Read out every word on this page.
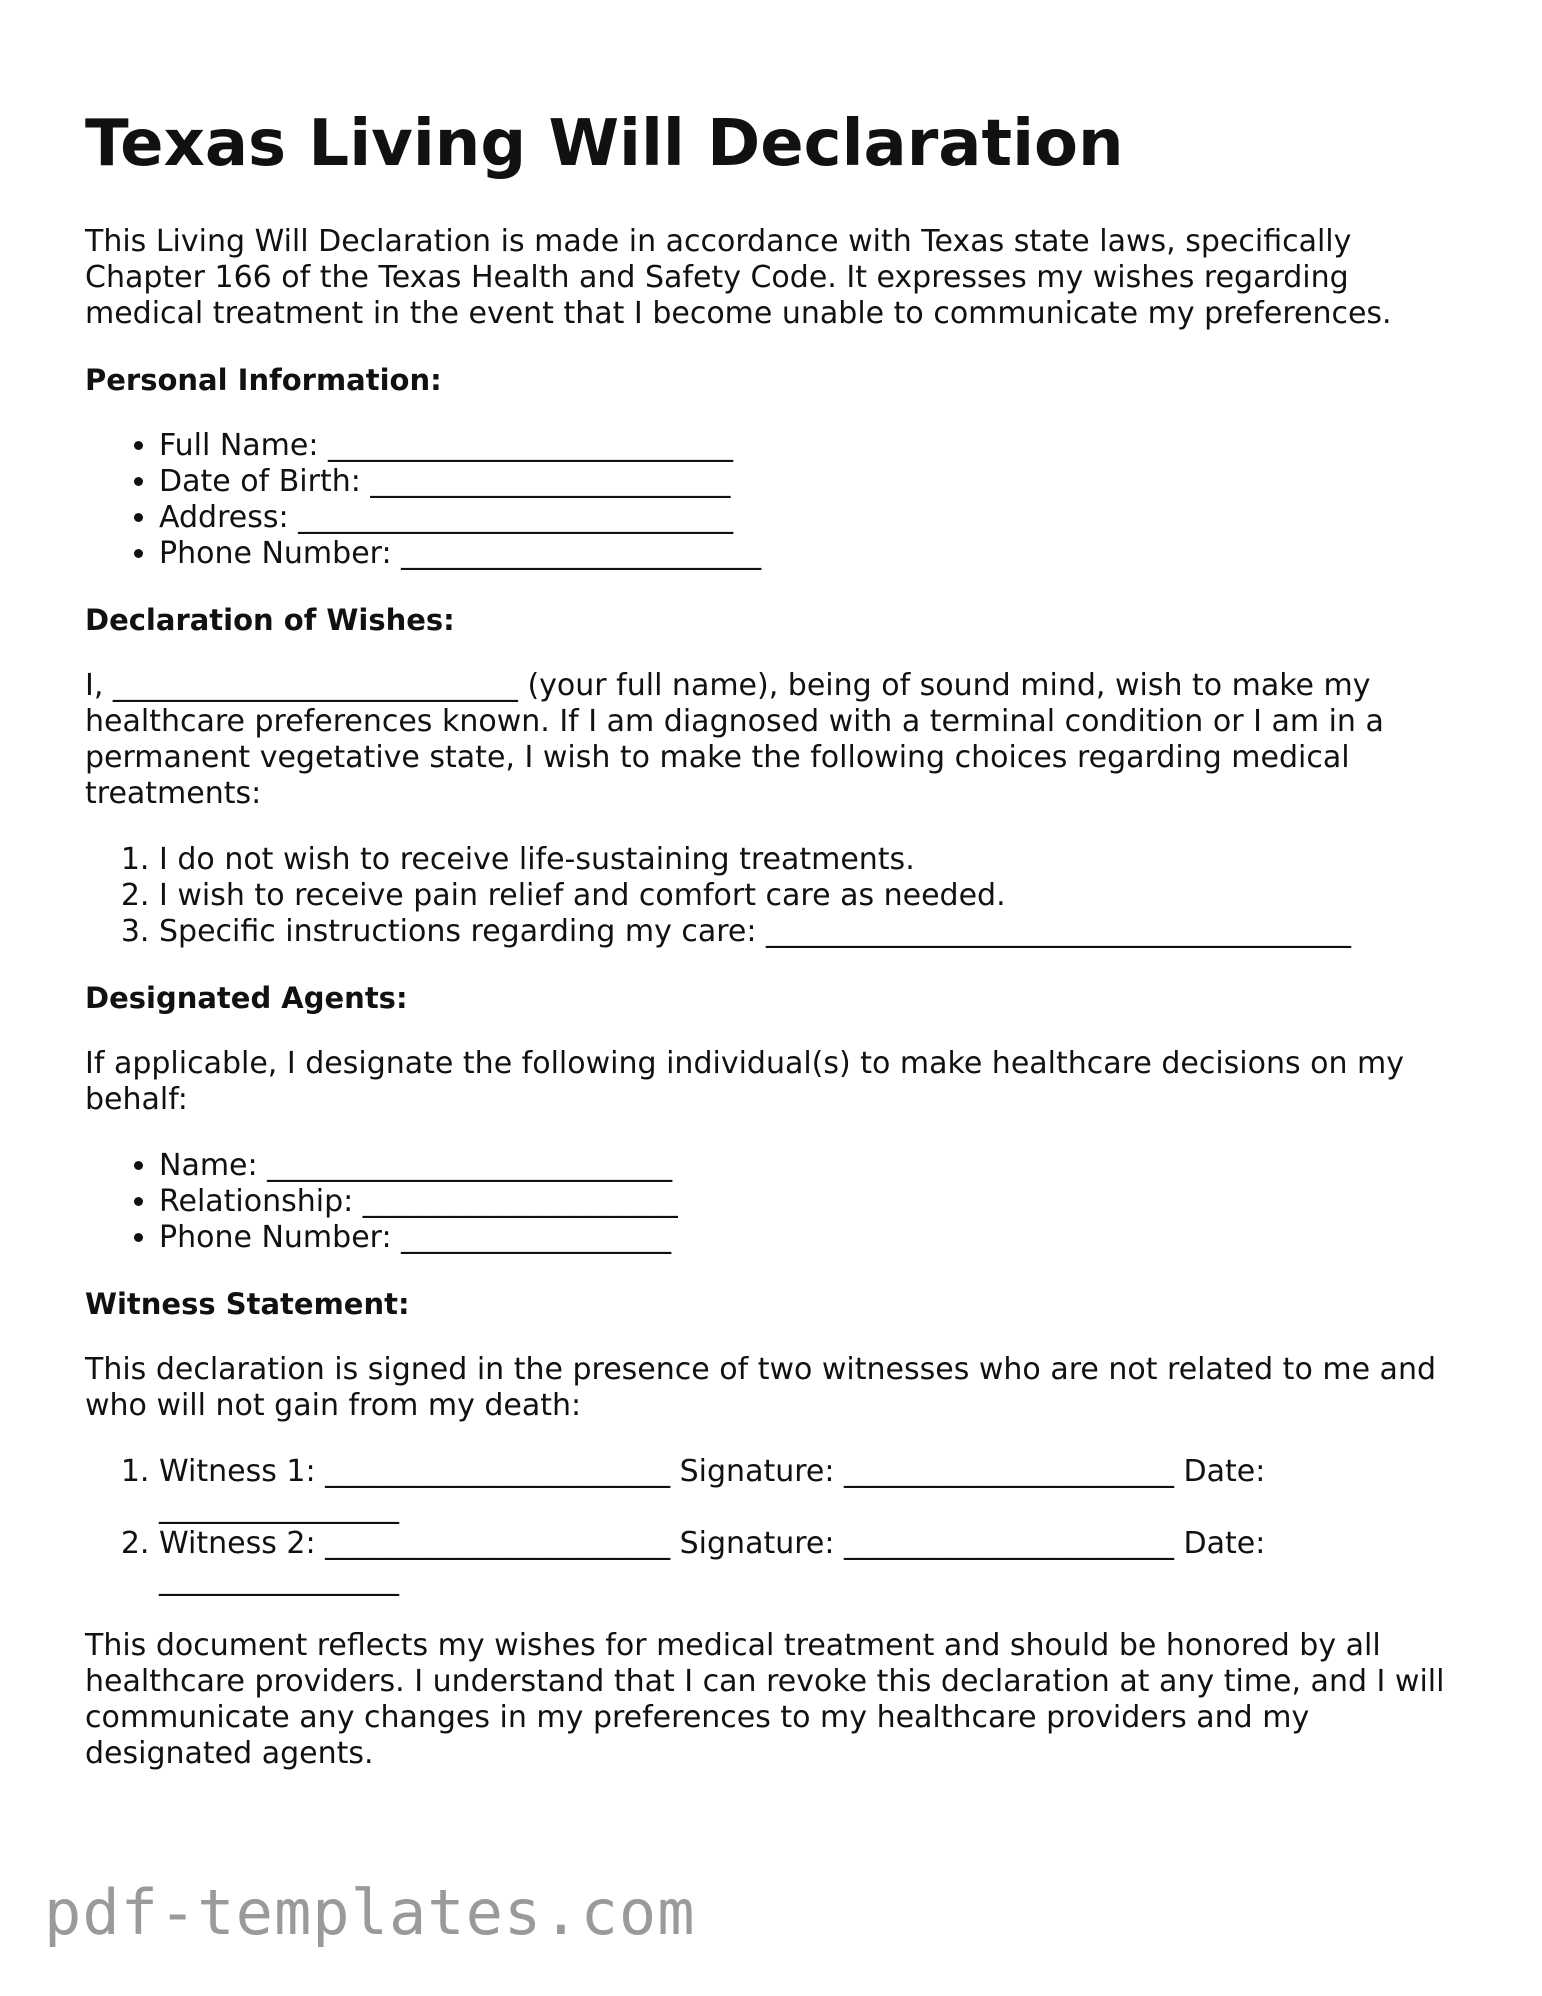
Texas Living Will Declaration

This Living Will Declaration is made in accordance with Texas state laws, specifically Chapter 166 of the Texas Health and Safety Code. It expresses my wishes regarding medical treatment in the event that I become unable to communicate my preferences.

Personal Information:
• Full Name: ___________________________
• Date of Birth: ________________________
• Address: _____________________________
• Phone Number: ________________________
Declaration of Wishes:

I, ___________________________ (your full name), being of sound mind, wish to make my healthcare preferences known. If I am diagnosed with a terminal condition or I am in a permanent vegetative state, I wish to make the following choices regarding medical treatments:

1. I do not wish to receive life-sustaining treatments.
2. I wish to receive pain relief and comfort care as needed.
3. Specific instructions regarding my care: _______________________________________
Designated Agents:

If applicable, I designate the following individual(s) to make healthcare decisions on my behalf:

• Name: ___________________________
• Relationship: _____________________
• Phone Number: __________________
Witness Statement:

This declaration is signed in the presence of two witnesses who are not related to me and who will not gain from my death:

1. Witness 1: _______________________ Signature: ______________________ Date: ________________
2. Witness 2: _______________________ Signature: ______________________ Date: ________________

This document reflects my wishes for medical treatment and should be honored by all healthcare providers. I understand that I can revoke this declaration at any time, and I will communicate any changes in my preferences to my healthcare providers and my designated agents.

pdf-templates.com
